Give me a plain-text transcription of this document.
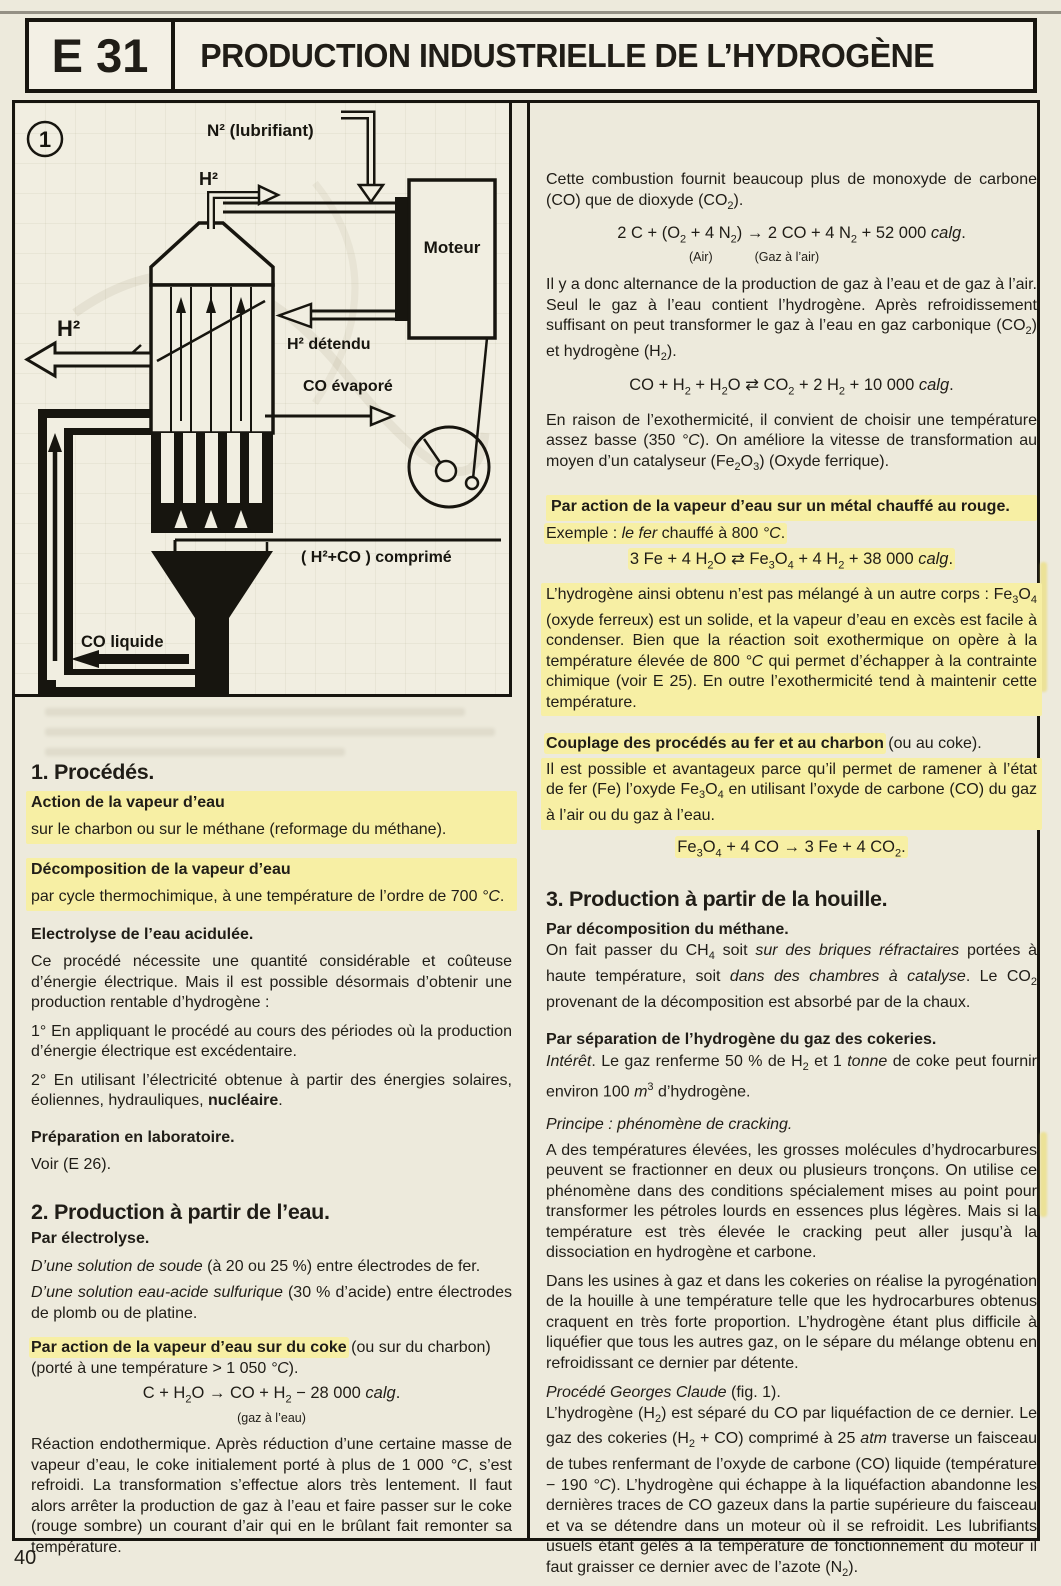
E 31	PRODUCTION INDUSTRIELLE DE L’HYDROGÈNE
CO liquide
( H²+CO ) comprimé
H²
H²
N² (lubrifiant)
Moteur
H² détendu
CO évaporé
1
1. Procédés.

Action de la vapeur d’eau

sur le charbon ou sur le méthane (reformage du méthane).

Décomposition de la vapeur d’eau

par cycle thermochimique, à une température de l’ordre de 700 °C.

Electrolyse de l’eau acidulée.

Ce procédé nécessite une quantité considérable et coûteuse d’énergie électrique. Mais il est possible désormais d’obtenir une production rentable d’hydrogène :

1° En appliquant le procédé au cours des périodes où la production d’énergie électrique est excédentaire.

2° En utilisant l’électricité obtenue à partir des énergies solaires, éoliennes, hydrauliques, nucléaire.

Préparation en laboratoire.

Voir (E 26).

2. Production à partir de l’eau.

Par électrolyse.

D’une solution de soude (à 20 ou 25 %) entre électrodes de fer.

D’une solution eau-acide sulfurique (30 % d’acide) entre électrodes de plomb ou de platine.

Par action de la vapeur d’eau sur du coke (ou sur du charbon)
(porté à une température > 1 050 °C).

$C + H_2O$ → CO + $H_2 - 28$ 000 calg.
(gaz à l’eau)

Réaction endothermique. Après réduction d’une certaine masse de vapeur d’eau, le coke initialement porté à plus de 1 000 °C, s’est refroidi. La transformation s’effectue alors très lentement. Il faut alors arrêter la production de gaz à l’eau et faire passer sur le coke (rouge sombre) un courant d’air qui en le brûlant fait remonter sa température.

Cette combustion fournit beaucoup plus de monoxyde de carbone (CO) que de dioxyde $(CO_2)$.

2 $C + (O_2 + 4$ $N_2) \to 2$ CO + 4 $N_2 + 52$ 000 calg.
(Air)	(Gaz à l’air)

Il y a donc alternance de la production de gaz à l’eau et de gaz à l’air. Seul le gaz à l’eau contient l’hydrogène. Après refroidissement suffisant on peut transformer le gaz à l’eau en gaz carbonique $(CO_2)$ et hydrogène $(H_2)$.

CO + $H_2 + H_2O$ ⇄ $CO_2 + 2$ $H_2 + 10$ 000 calg.

En raison de l’exothermicité, il convient de choisir une température assez basse (350 °C). On améliore la vitesse de transformation au moyen d’un catalyseur $(Fe_2O_3)$ (Oxyde ferrique).

Par action de la vapeur d’eau sur un métal chauffé au rouge.

Exemple : le fer chauffé à 800 °C.

3 Fe + 4 $H_2O$ ⇄ $Fe_3O_4 + 4$ $H_2 + 38$ 000 calg.

L’hydrogène ainsi obtenu n’est pas mélangé à un autre corps : $Fe_3O_4$ (oxyde ferreux) est un solide, et la vapeur d’eau en excès est facile à condenser. Bien que la réaction soit exothermique on opère à la température élevée de 800 °C qui permet d’échapper à la contrainte chimique (voir E 25). En outre l’exothermicité tend à maintenir cette température.

Couplage des procédés au fer et au charbon (ou au coke).

Il est possible et avantageux parce qu’il permet de ramener à l’état de fer (Fe) l’oxyde $Fe_3O_4$ en utilisant l’oxyde de carbone (CO) du gaz à l’air ou du gaz à l’eau.

$Fe_3O_4 + 4$ CO → 3 Fe + 4 $CO_2$.
3. Production à partir de la houille.

Par décomposition du méthane.

On fait passer du $CH_4$ soit sur des briques réfractaires portées à haute température, soit dans des chambres à catalyse. Le $CO_2$ provenant de la décomposition est absorbé par de la chaux.

Par séparation de l’hydrogène du gaz des cokeries.

Intérêt. Le gaz renferme 50 % de $H_2$ et 1 tonne de coke peut fournir environ 100 $m^3$ d’hydrogène.

Principe : phénomène de cracking.

A des températures élevées, les grosses molécules d’hydrocarbures peuvent se fractionner en deux ou plusieurs tronçons. On utilise ce phénomène dans des conditions spécialement mises au point pour transformer les pétroles lourds en essences plus légères. Mais si la température est très élevée le cracking peut aller jusqu’à la dissociation en hydrogène et carbone.

Dans les usines à gaz et dans les cokeries on réalise la pyrogénation de la houille à une température telle que les hydrocarbures obtenus craquent en très forte proportion. L’hydrogène étant plus difficile à liquéfier que tous les autres gaz, on le sépare du mélange obtenu en refroidissant ce dernier par détente.

Procédé Georges Claude (fig. 1).

L’hydrogène $(H_2)$ est séparé du CO par liquéfaction de ce dernier. Le gaz des cokeries $(H_2 + CO)$ comprimé à 25 atm traverse un faisceau de tubes renfermant de l’oxyde de carbone (CO) liquide (température − 190 °C). L’hydrogène qui échappe à la liquéfaction abandonne les dernières traces de CO gazeux dans la partie supérieure du faisceau et va se détendre dans un moteur où il se refroidit. Les lubrifiants usuels étant gelés à la température de fonctionnement du moteur il faut graisser ce dernier avec de l’azote $(N_2)$.

40
